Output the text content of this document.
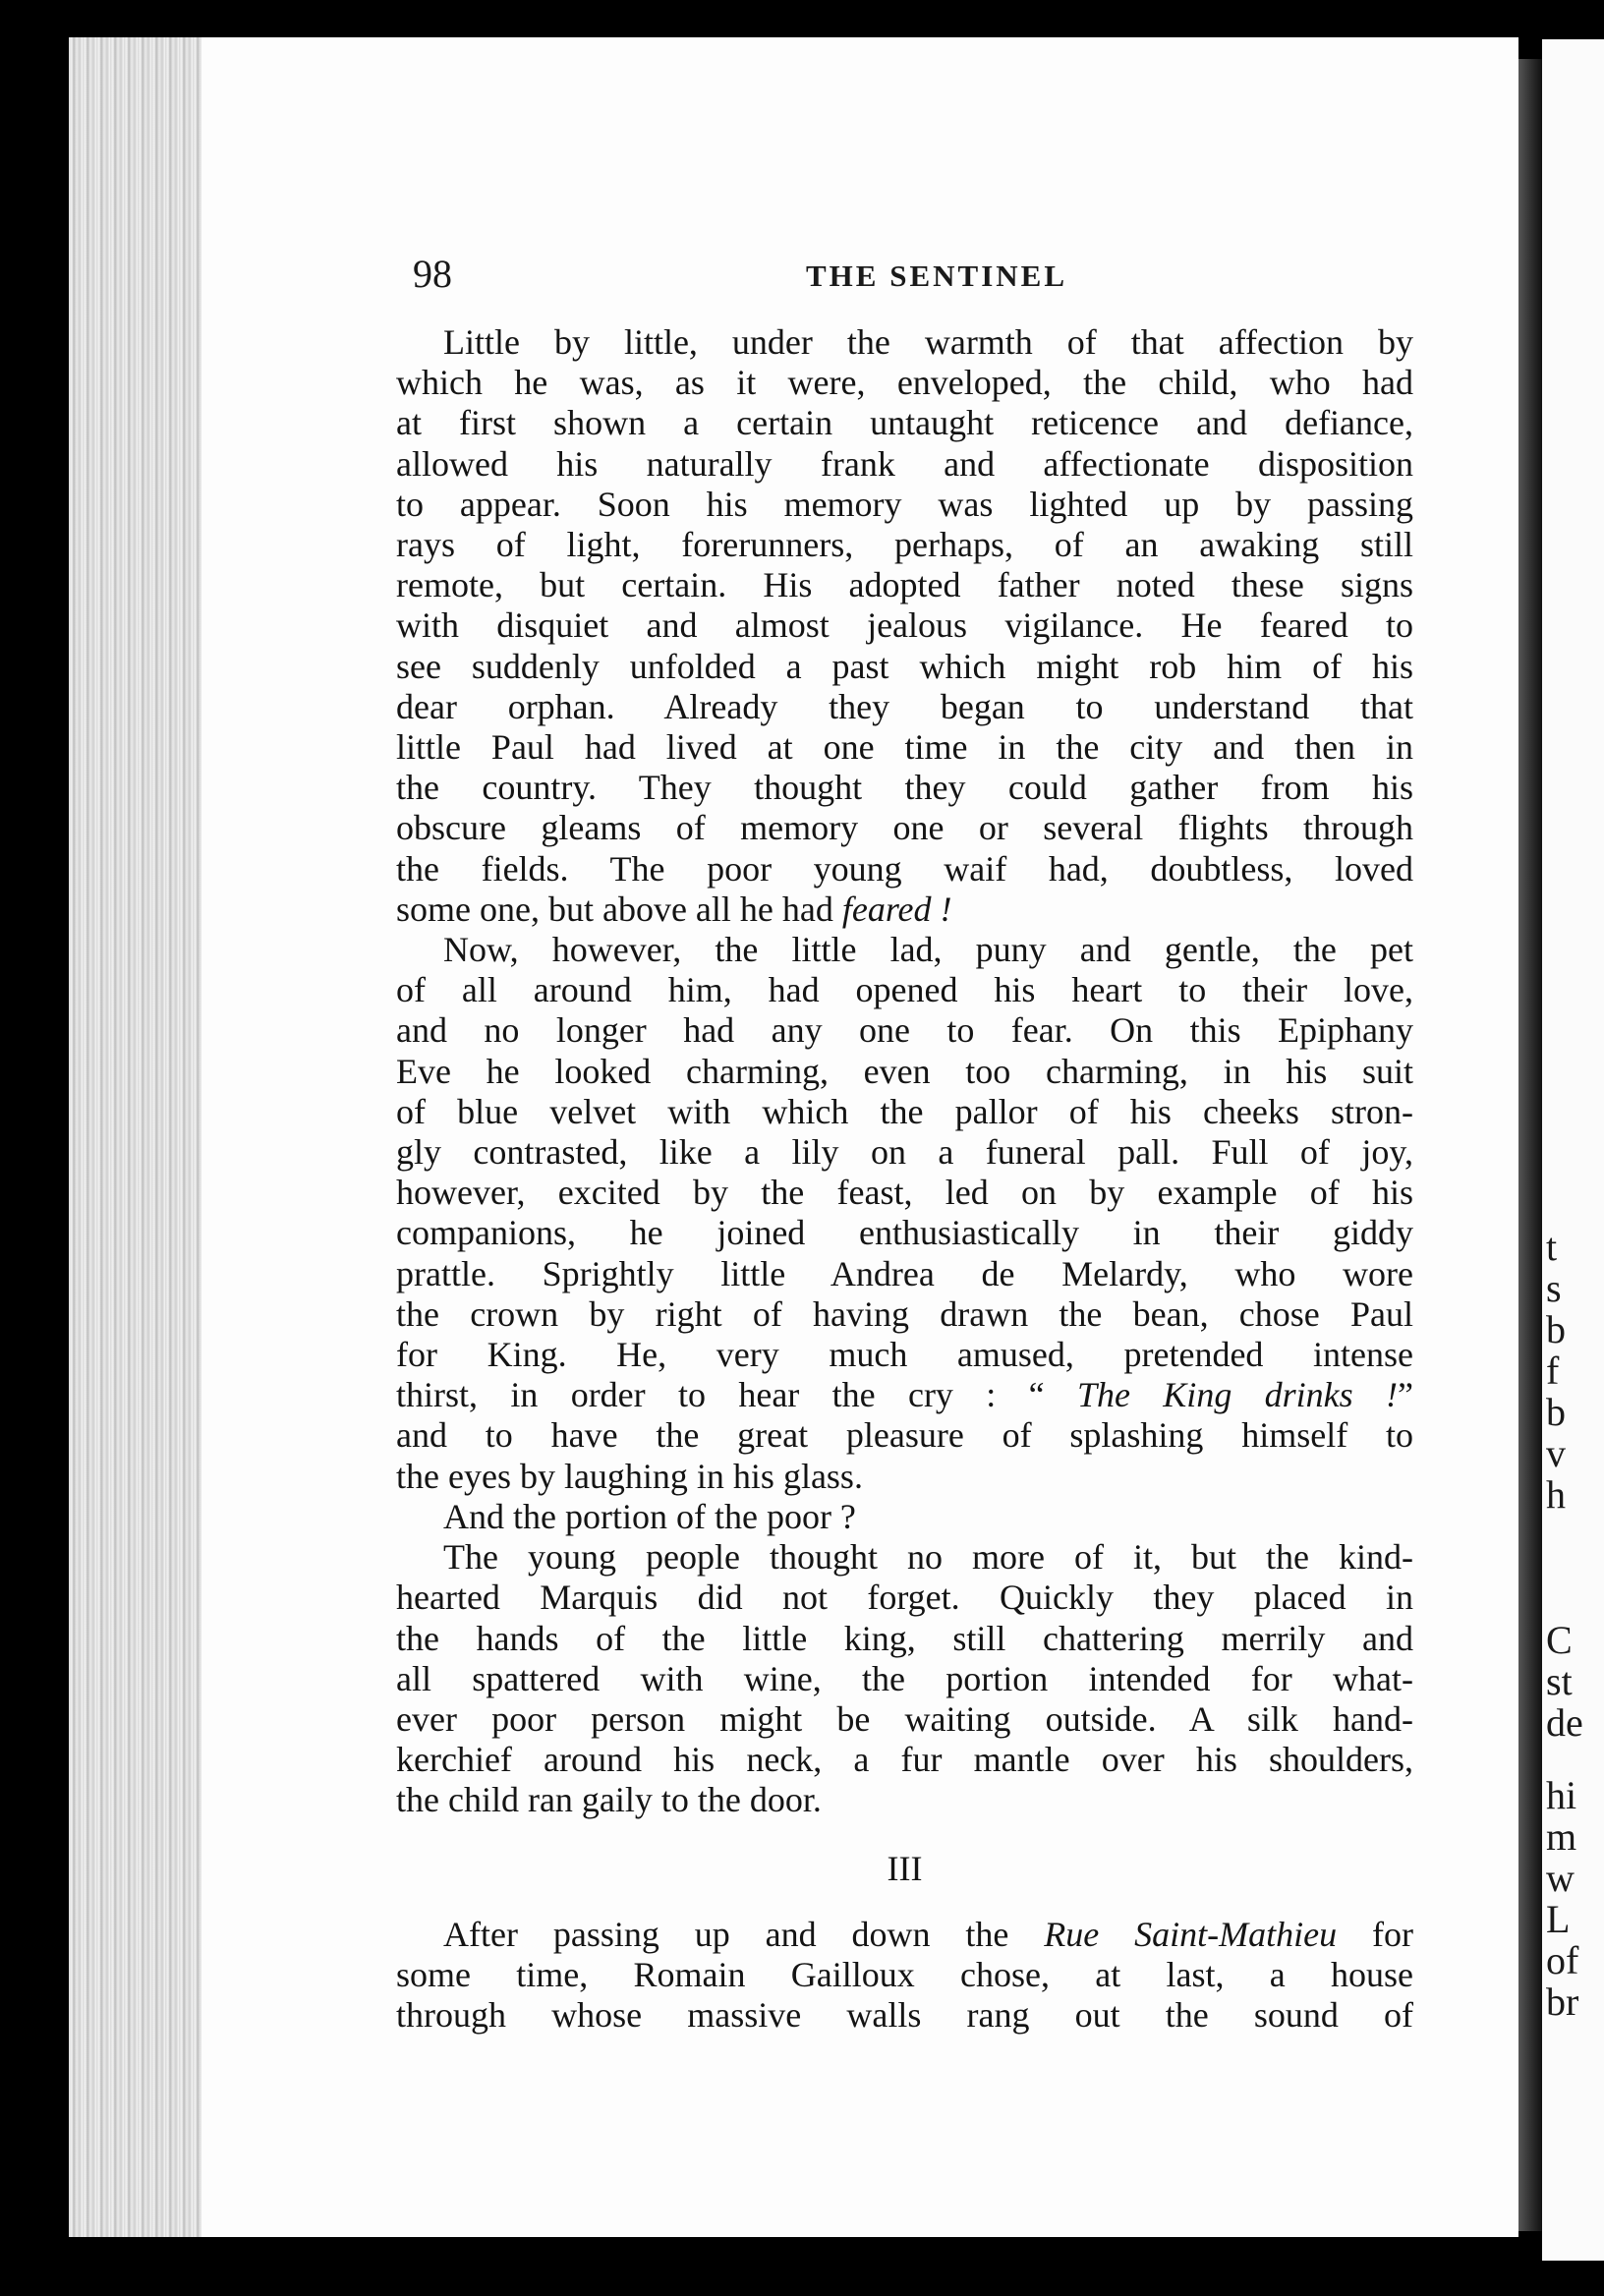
t
s
b
f
b
v
h
C
st
de
hi
m
w
L
of
br
98	THE SENTINEL
Little by little, under the warmth of that affection by
which he was, as it were, enveloped, the child, who had
at first shown a certain untaught reticence and defiance,
allowed his naturally frank and affectionate disposition
to appear. Soon his memory was lighted up by passing
rays of light, forerunners, perhaps, of an awaking still
remote, but certain. His adopted father noted these signs
with disquiet and almost jealous vigilance. He feared to
see suddenly unfolded a past which might rob him of his
dear orphan. Already they began to understand that
little Paul had lived at one time in the city and then in
the country. They thought they could gather from his
obscure gleams of memory one or several flights through
the fields. The poor young waif had, doubtless, loved
some one, but above all he had feared !
Now, however, the little lad, puny and gentle, the pet
of all around him, had opened his heart to their love,
and no longer had any one to fear. On this Epiphany
Eve he looked charming, even too charming, in his suit
of blue velvet with which the pallor of his cheeks stron-
gly contrasted, like a lily on a funeral pall. Full of joy,
however, excited by the feast, led on by example of his
companions, he joined enthusiastically in their giddy
prattle. Sprightly little Andrea de Melardy, who wore
the crown by right of having drawn the bean, chose Paul
for King. He, very much amused, pretended intense
thirst, in order to hear the cry : “ The King drinks !”
and to have the great pleasure of splashing himself to
the eyes by laughing in his glass.
And the portion of the poor ?
The young people thought no more of it, but the kind-
hearted Marquis did not forget. Quickly they placed in
the hands of the little king, still chattering merrily and
all spattered with wine, the portion intended for what-
ever poor person might be waiting outside. A silk hand-
kerchief around his neck, a fur mantle over his shoulders,
the child ran gaily to the door.
III
After passing up and down the Rue Saint-Mathieu for
some time, Romain Gailloux chose, at last, a house
through whose massive walls rang out the sound of
